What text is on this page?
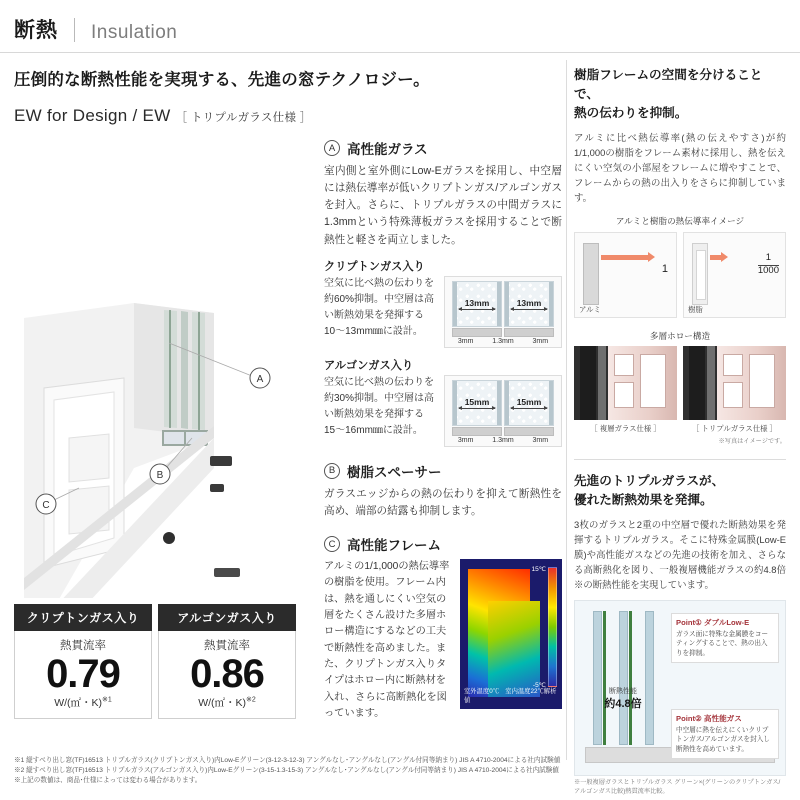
断熱 Insulation
圧倒的な断熱性能を実現する、先進の窓テクノロジー。
EW for Design / EW ［ トリプルガラス仕様 ］
A
B
C
クリプトンガス入り
熱貫流率
0.79
W/(㎡・K)$^{※1}$
アルゴンガス入り
熱貫流率
0.86
W/(㎡・K)$^{※2}$
A 高性能ガラス
室内側と室外側にLow-Eガラスを採用し、中空層には熱伝導率が低いクリプトンガス/アルゴンガスを封入。さらに、トリプルガラスの中間ガラスに1.3mmという特殊薄板ガラスを採用することで断熱性と軽さを両立しました。
クリプトンガス入り
空気に比べ熱の伝わりを約60%抑制。中空層は高い断熱効果を発揮する10〜13mm㎜に設計。
13mm	13mm
3mm	1.3mm	3mm
アルゴンガス入り
空気に比べ熱の伝わりを約30%抑制。中空層は高い断熱効果を発揮する15〜16mm㎜に設計。
15mm	15mm
3mm	1.3mm	3mm
B 樹脂スペーサー
ガラスエッジからの熱の伝わりを抑えて断熱性を高め、端部の結露も抑制します。
C 高性能フレーム
アルミの1/1,000の熱伝導率の樹脂を使用。フレーム内は、熱を通しにくい空気の層をたくさん設けた多層ホロー構造にするなどの工夫で断熱性を高めました。また、クリプトンガス入りタイプはホロー内に断熱材を入れ、さらに高断熱化を図っています。
15℃
-5℃
室外温度0℃　室内温度22℃解析値
※1 縦すべり出し窓(TF)16513 トリプルガラス(クリプトンガス入り)内Low-Eグリーン(3-12-3-12-3) アングルなし･アングルなし(アングル付同等納まり) JIS A 4710-2004による社内試験値
※2 縦すべり出し窓(TF)16513 トリプルガラス(アルゴンガス入り)内Low-Eグリーン(3-15-1.3-15-3) アングルなし･アングルなし(アングル付同等納まり) JIS A 4710-2004による社内試験値
※上記の数値は、商品･仕様によっては変わる場合があります。
樹脂フレームの空間を分けることで、
熱の伝わりを抑制。
アルミに比べ熱伝導率(熱の伝えやすさ)が約1/1,000の樹脂をフレーム素材に採用し、熱を伝えにくい空気の小部屋をフレームに増やすことで、フレームからの熱の出入りをさらに抑制しています。
アルミと樹脂の熱伝導率イメージ
1
アルミ
$\frac{1}{1000}$
樹脂
多層ホロー構造
［ 複層ガラス仕様 ］	［ トリプルガラス仕様 ］
※写真はイメージです。
先進のトリプルガラスが、
優れた断熱効果を発揮。
3枚のガラスと2重の中空層で優れた断熱効果を発揮するトリプルガラス。そこに特殊金属膜(Low-E膜)や高性能ガスなどの先進の技術を加え、さらなる高断熱化を図り、一般複層機能ガラスの約4.8倍※の断熱性能を実現しています。
断熱性能
約4.8倍
Point① ダブルLow-E
ガラス面に特殊な金属膜をコーティングすることで、熱の出入りを抑制。
Point② 高性能ガス
中空層に熱を伝えにくいクリプトンガス/アルゴンガスを封入し断熱性を高めています。
※一般複層ガラスとトリプルガラス グリーン×(グリーンのクリプトンガス/アルゴンガス比較)熱貫流率比較。
